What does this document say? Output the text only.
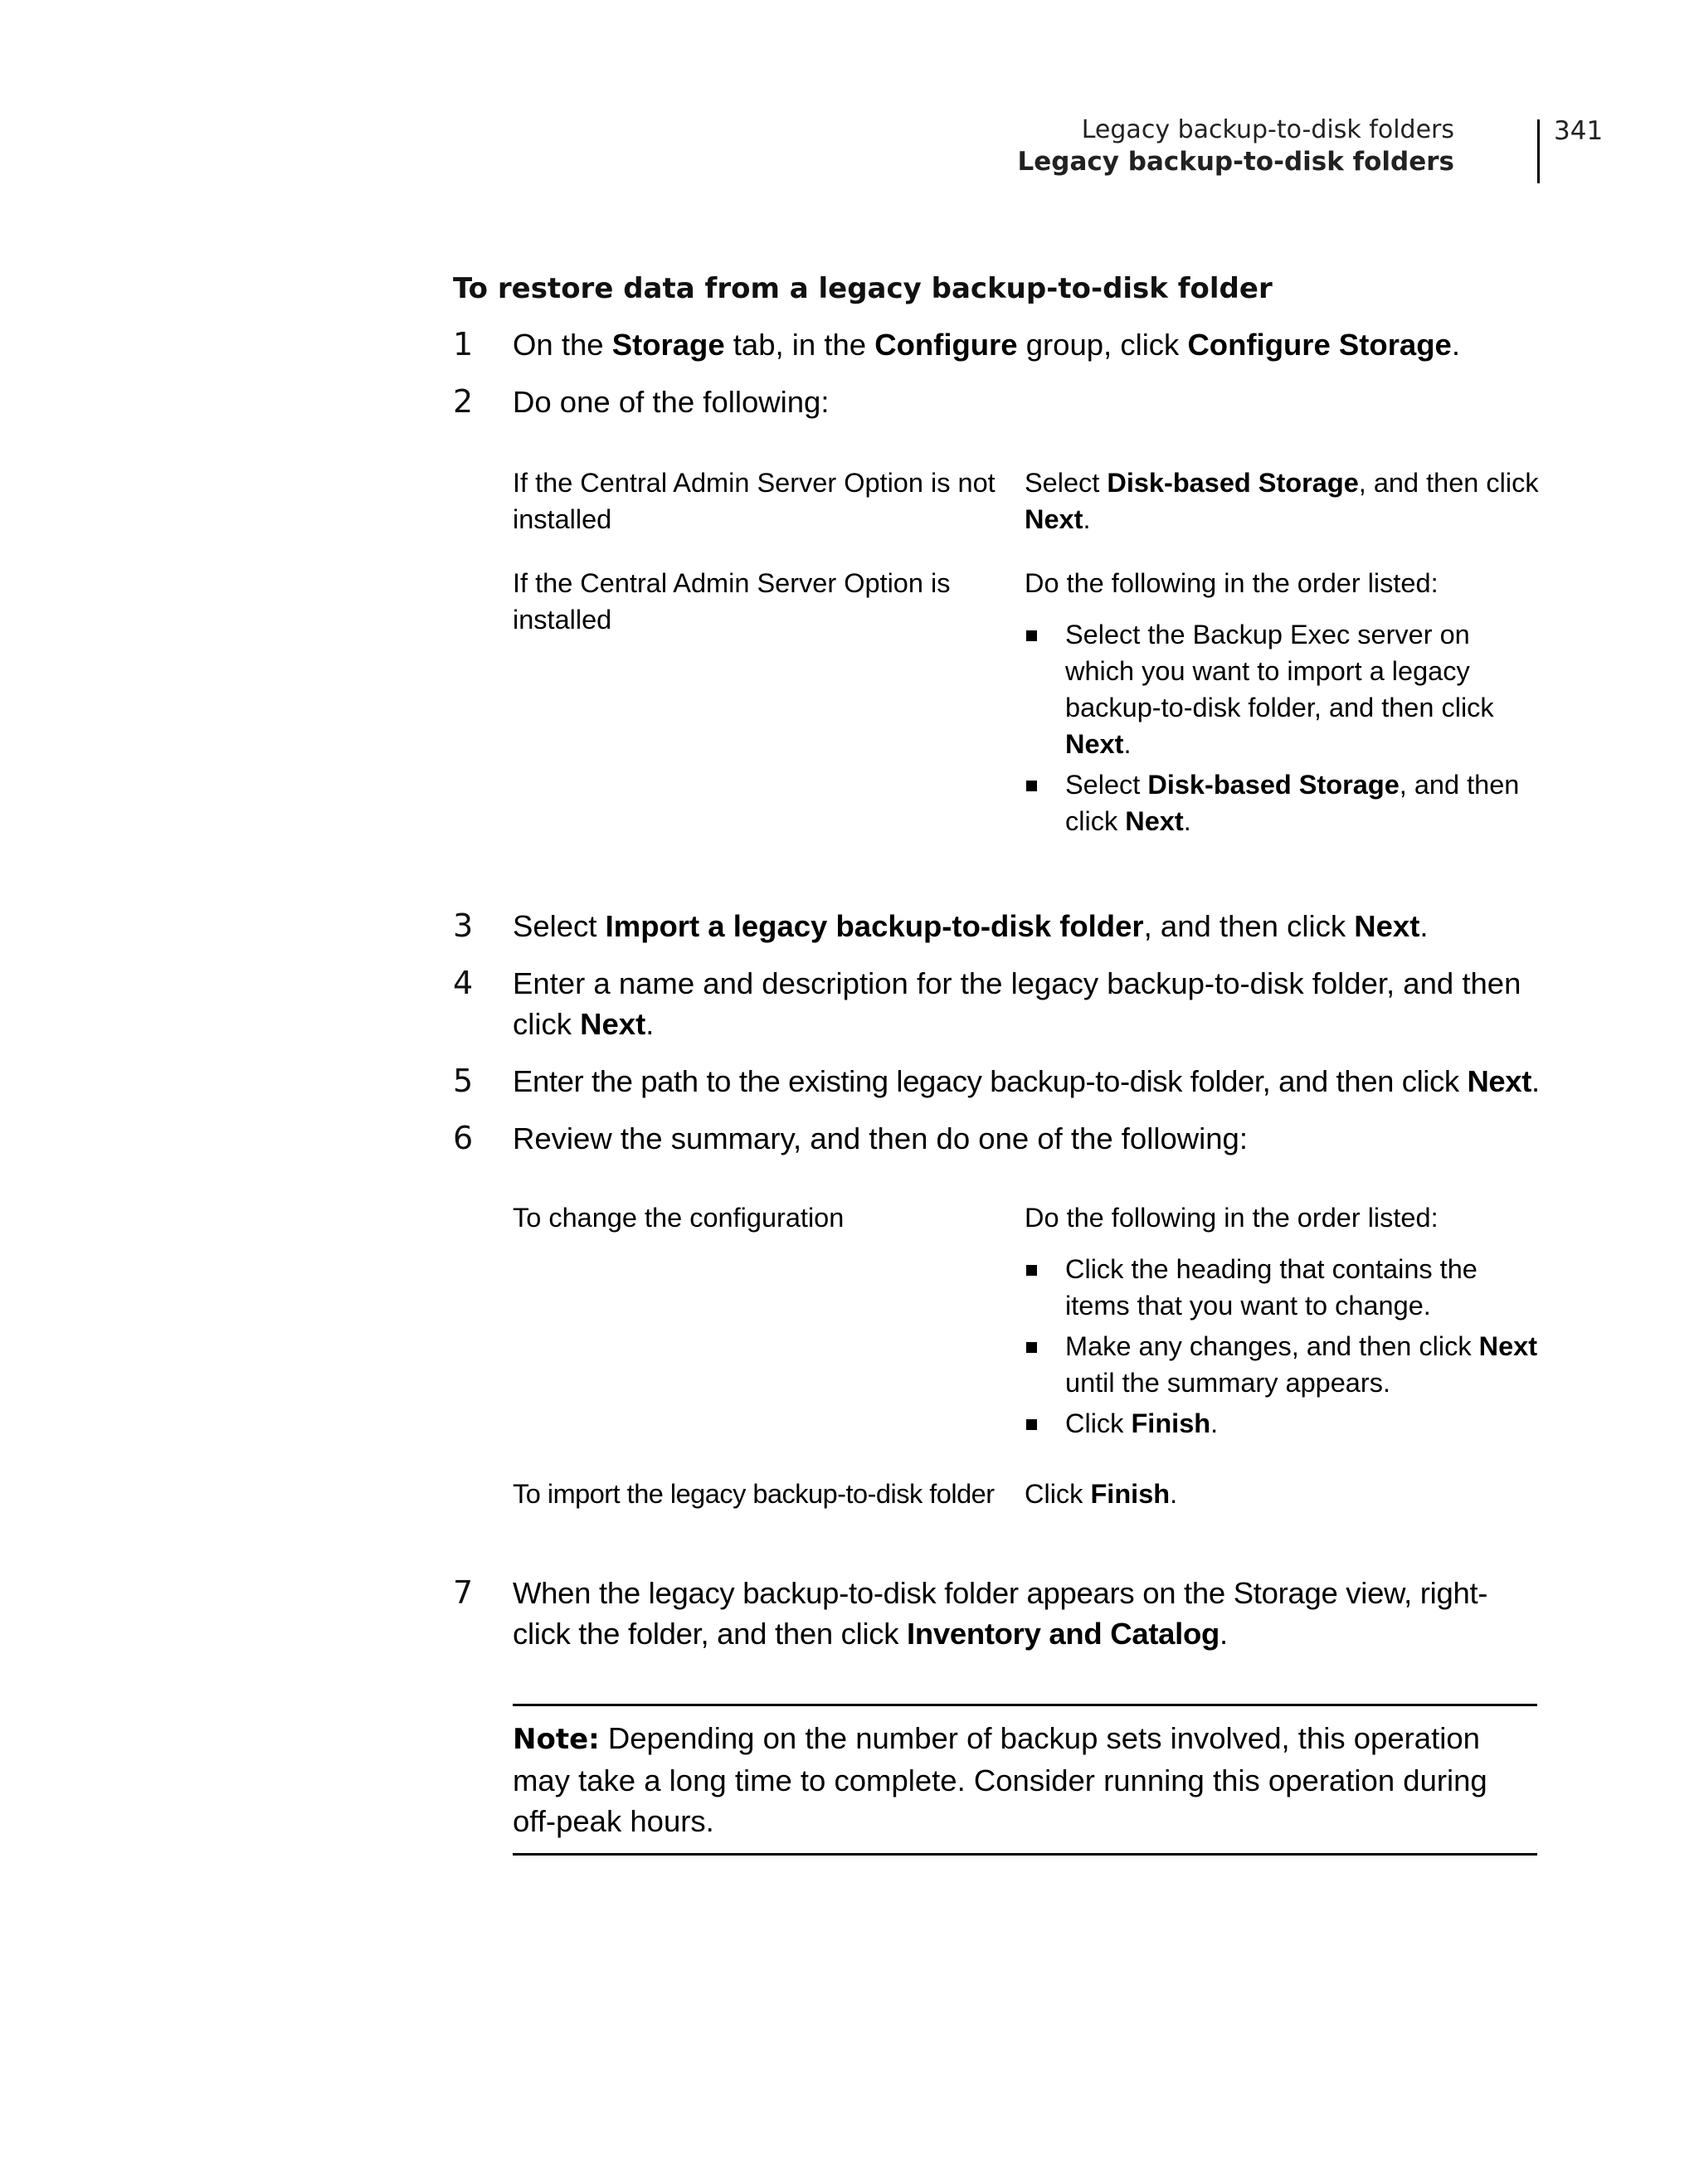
Legacy backup-to-disk folders
Legacy backup-to-disk folders
341
To restore data from a legacy backup-to-disk folder
1 On the Storage tab, in the Configure group, click Configure Storage.
2 Do one of the following:
If the Central Admin Server Option is not installed
Select Disk-based Storage, and then click Next.
If the Central Admin Server Option is installed
Do the following in the order listed:
Select the Backup Exec server on which you want to import a legacy backup-to-disk folder, and then click Next.
Select Disk-based Storage, and then click Next.
3 Select Import a legacy backup-to-disk folder, and then click Next.
4 Enter a name and description for the legacy backup-to-disk folder, and then click Next.
5 Enter the path to the existing legacy backup-to-disk folder, and then click Next.
6 Review the summary, and then do one of the following:
To change the configuration	Do the following in the order listed:
Click the heading that contains the items that you want to change.
Make any changes, and then click Next until the summary appears.
Click Finish.
To import the legacy backup-to-disk folder	Click Finish.
7 When the legacy backup-to-disk folder appears on the Storage view, right-click the folder, and then click Inventory and Catalog.
Note: Depending on the number of backup sets involved, this operation may take a long time to complete. Consider running this operation during off-peak hours.
